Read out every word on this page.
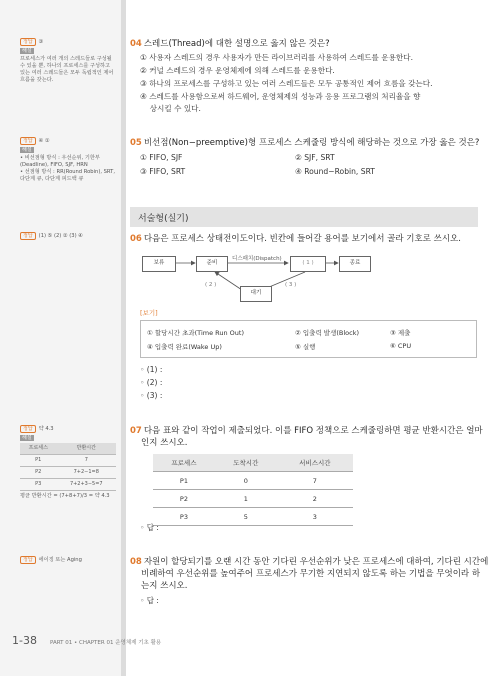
정답 ③
해설
프로세스가 여러 개의 스레드들로 구성될 수 있을 뿐, 하나의 프로세스를 구성하고 있는 여러 스레드들은 모두 독립적인 제어 흐름을 갖는다.
정답 ④ ①
해설
• 비선점형 방식 : 우선순위, 기한부(Deadline), FIFO, SJF, HRN
• 선점형 방식 : RR(Round Robin), SRT, 다단계 큐, 다단계 피드백 큐
정답 (1) ⑤ (2) ② (3) ④
정답 약 4.3
해설
프로세스	반환시간
P1	7
P2	7+2−1=8
P3	7+2+3−5=7
평균 반환시간 = (7+8+7)/3 = 약 4.3
정답 에이징 또는 Aging
04 스레드(Thread)에 대한 설명으로 옳지 않은 것은?
① 사용자 스레드의 경우 사용자가 만든 라이브러리를 사용하여 스레드를 운용한다.
② 커널 스레드의 경우 운영체제에 의해 스레드를 운용한다.
③ 하나의 프로세스를 구성하고 있는 여러 스레드들은 모두 공통적인 제어 흐름을 갖는다.
④ 스레드를 사용함으로써 하드웨어, 운영체제의 성능과 응용 프로그램의 처리율을 향
상시킬 수 있다.
05 비선점(Non−preemptive)형 프로세스 스케줄링 방식에 해당하는 것으로 가장 옳은 것은?
① FIFO, SJF	② SJF, SRT
③ FIFO, SRT	④ Round−Robin, SRT
서술형(실기)
06 다음은 프로세스 상태전이도이다. 빈칸에 들어갈 용어를 보기에서 골라 기호로 쓰시오.
보류	준비	( 1 )	종료
대기
디스패치(Dispatch)
( 2 )	( 3 )
[보기]
① 할당시간 초과(Time Run Out)	② 입출력 발생(Block)	③ 제출
④ 입출력 완료(Wake Up)	⑤ 실행	⑥ CPU
◦ (1) :
◦ (2) :
◦ (3) :
07 다음 표와 같이 작업이 제출되었다. 이를 FIFO 정책으로 스케줄링하면 평균 반환시간은 얼마
인지 쓰시오.
프로세스	도착시간	서비스시간
P1	0	7
P2	1	2
P3	5	3
◦ 답 :
08 자원이 할당되기를 오랜 시간 동안 기다린 우선순위가 낮은 프로세스에 대하여, 기다린 시간에
비례하여 우선순위를 높여주어 프로세스가 무기한 지연되지 않도록 하는 기법을 무엇이라 하
는지 쓰시오.
◦ 답 :
1-38 PART 01 • CHAPTER 01 운영체제 기초 활용
